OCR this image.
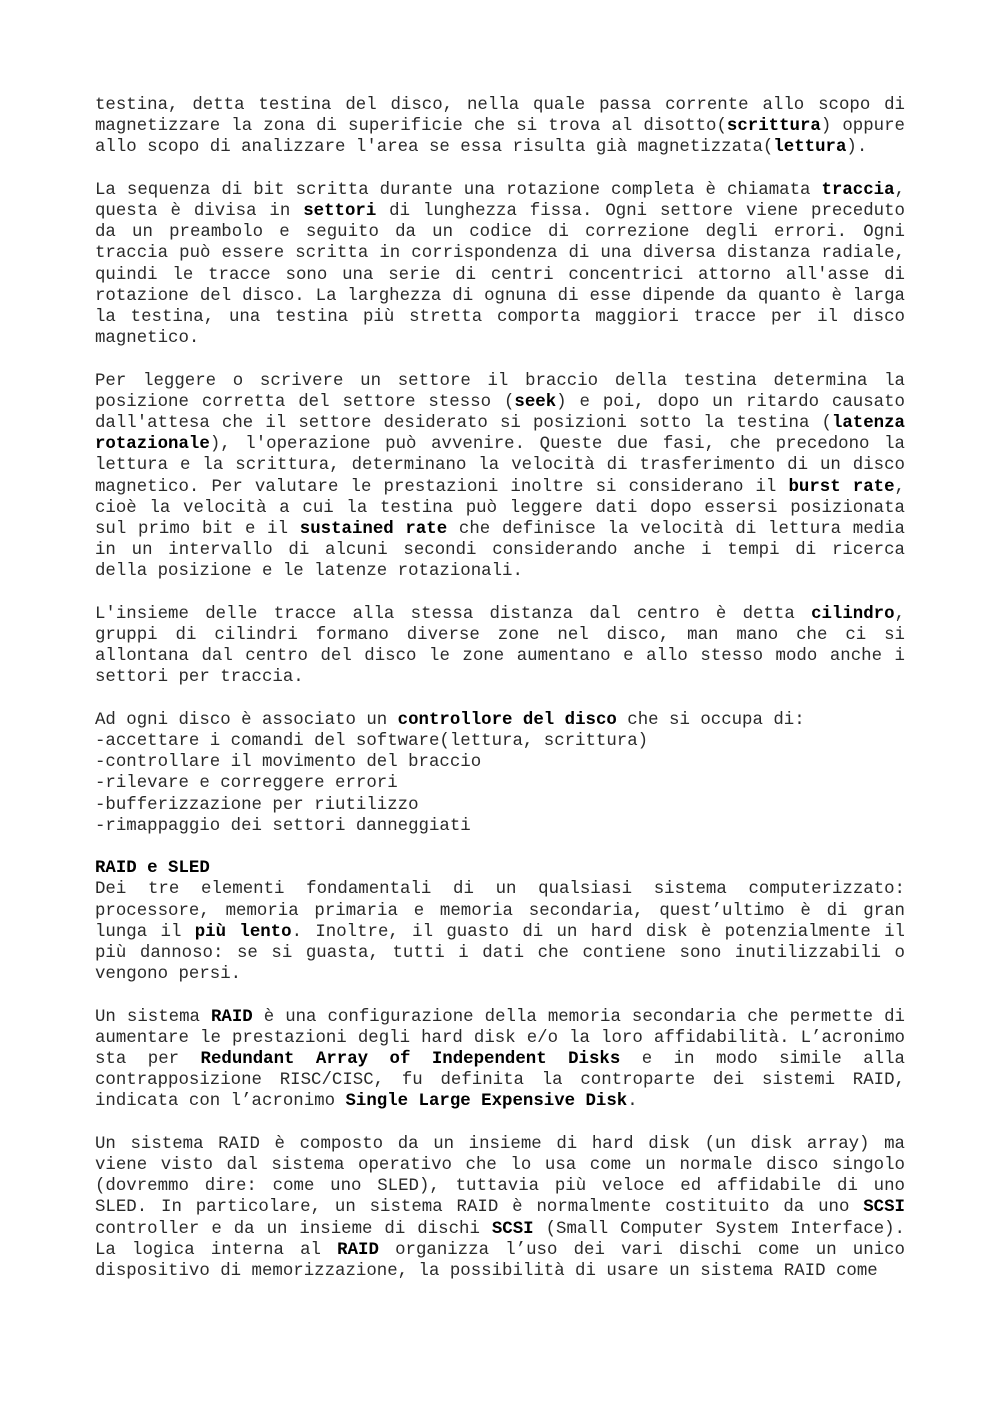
testina, detta testina del disco, nella quale passa corrente allo scopo di magnetizzare la zona di superificie che si trova al disotto(scrittura) oppure allo scopo di analizzare l'area se essa risulta già magnetizzata(lettura).

La sequenza di bit scritta durante una rotazione completa è chiamata traccia, questa è divisa in settori di lunghezza fissa. Ogni settore viene preceduto da un preambolo e seguito da un codice di correzione degli errori. Ogni traccia può essere scritta in corrispondenza di una diversa distanza radiale, quindi le tracce sono una serie di centri concentrici attorno all'asse di rotazione del disco. La larghezza di ognuna di esse dipende da quanto è larga la testina, una testina più stretta comporta maggiori tracce per il disco magnetico.

Per leggere o scrivere un settore il braccio della testina determina la posizione corretta del settore stesso (seek) e poi, dopo un ritardo causato dall'attesa che il settore desiderato si posizioni sotto la testina (latenza rotazionale), l'operazione può avvenire. Queste due fasi, che precedono la lettura e la scrittura, determinano la velocità di trasferimento di un disco magnetico. Per valutare le prestazioni inoltre si considerano il burst rate, cioè la velocità a cui la testina può leggere dati dopo essersi posizionata sul primo bit e il sustained rate che definisce la velocità di lettura media in un intervallo di alcuni secondi considerando anche i tempi di ricerca della posizione e le latenze rotazionali.

L'insieme delle tracce alla stessa distanza dal centro è detta cilindro, gruppi di cilindri formano diverse zone nel disco, man mano che ci si allontana dal centro del disco le zone aumentano e allo stesso modo anche i settori per traccia.

Ad ogni disco è associato un controllore del disco che si occupa di:
-accettare i comandi del software(lettura, scrittura)
-controllare il movimento del braccio
-rilevare e correggere errori
-bufferizzazione per riutilizzo
-rimappaggio dei settori danneggiati

RAID e SLED
Dei tre elementi fondamentali di un qualsiasi sistema computerizzato: processore, memoria primaria e memoria secondaria, quest’ultimo è di gran lunga il più lento. Inoltre, il guasto di un hard disk è potenzialmente il più dannoso: se si guasta, tutti i dati che contiene sono inutilizzabili o vengono persi.

Un sistema RAID è una configurazione della memoria secondaria che permette di aumentare le prestazioni degli hard disk e/o la loro affidabilità. L’acronimo sta per Redundant Array of Independent Disks e in modo simile alla contrapposizione RISC/CISC, fu definita la controparte dei sistemi RAID, indicata con l’acronimo Single Large Expensive Disk.

Un sistema RAID è composto da un insieme di hard disk (un disk array) ma viene visto dal sistema operativo che lo usa come un normale disco singolo (dovremmo dire: come uno SLED), tuttavia più veloce ed affidabile di uno SLED. In particolare, un sistema RAID è normalmente costituito da uno SCSI controller e da un insieme di dischi SCSI (Small Computer System Interface). La logica interna al RAID organizza l’uso dei vari dischi come un unico dispositivo di memorizzazione, la possibilità di usare un sistema RAID come
